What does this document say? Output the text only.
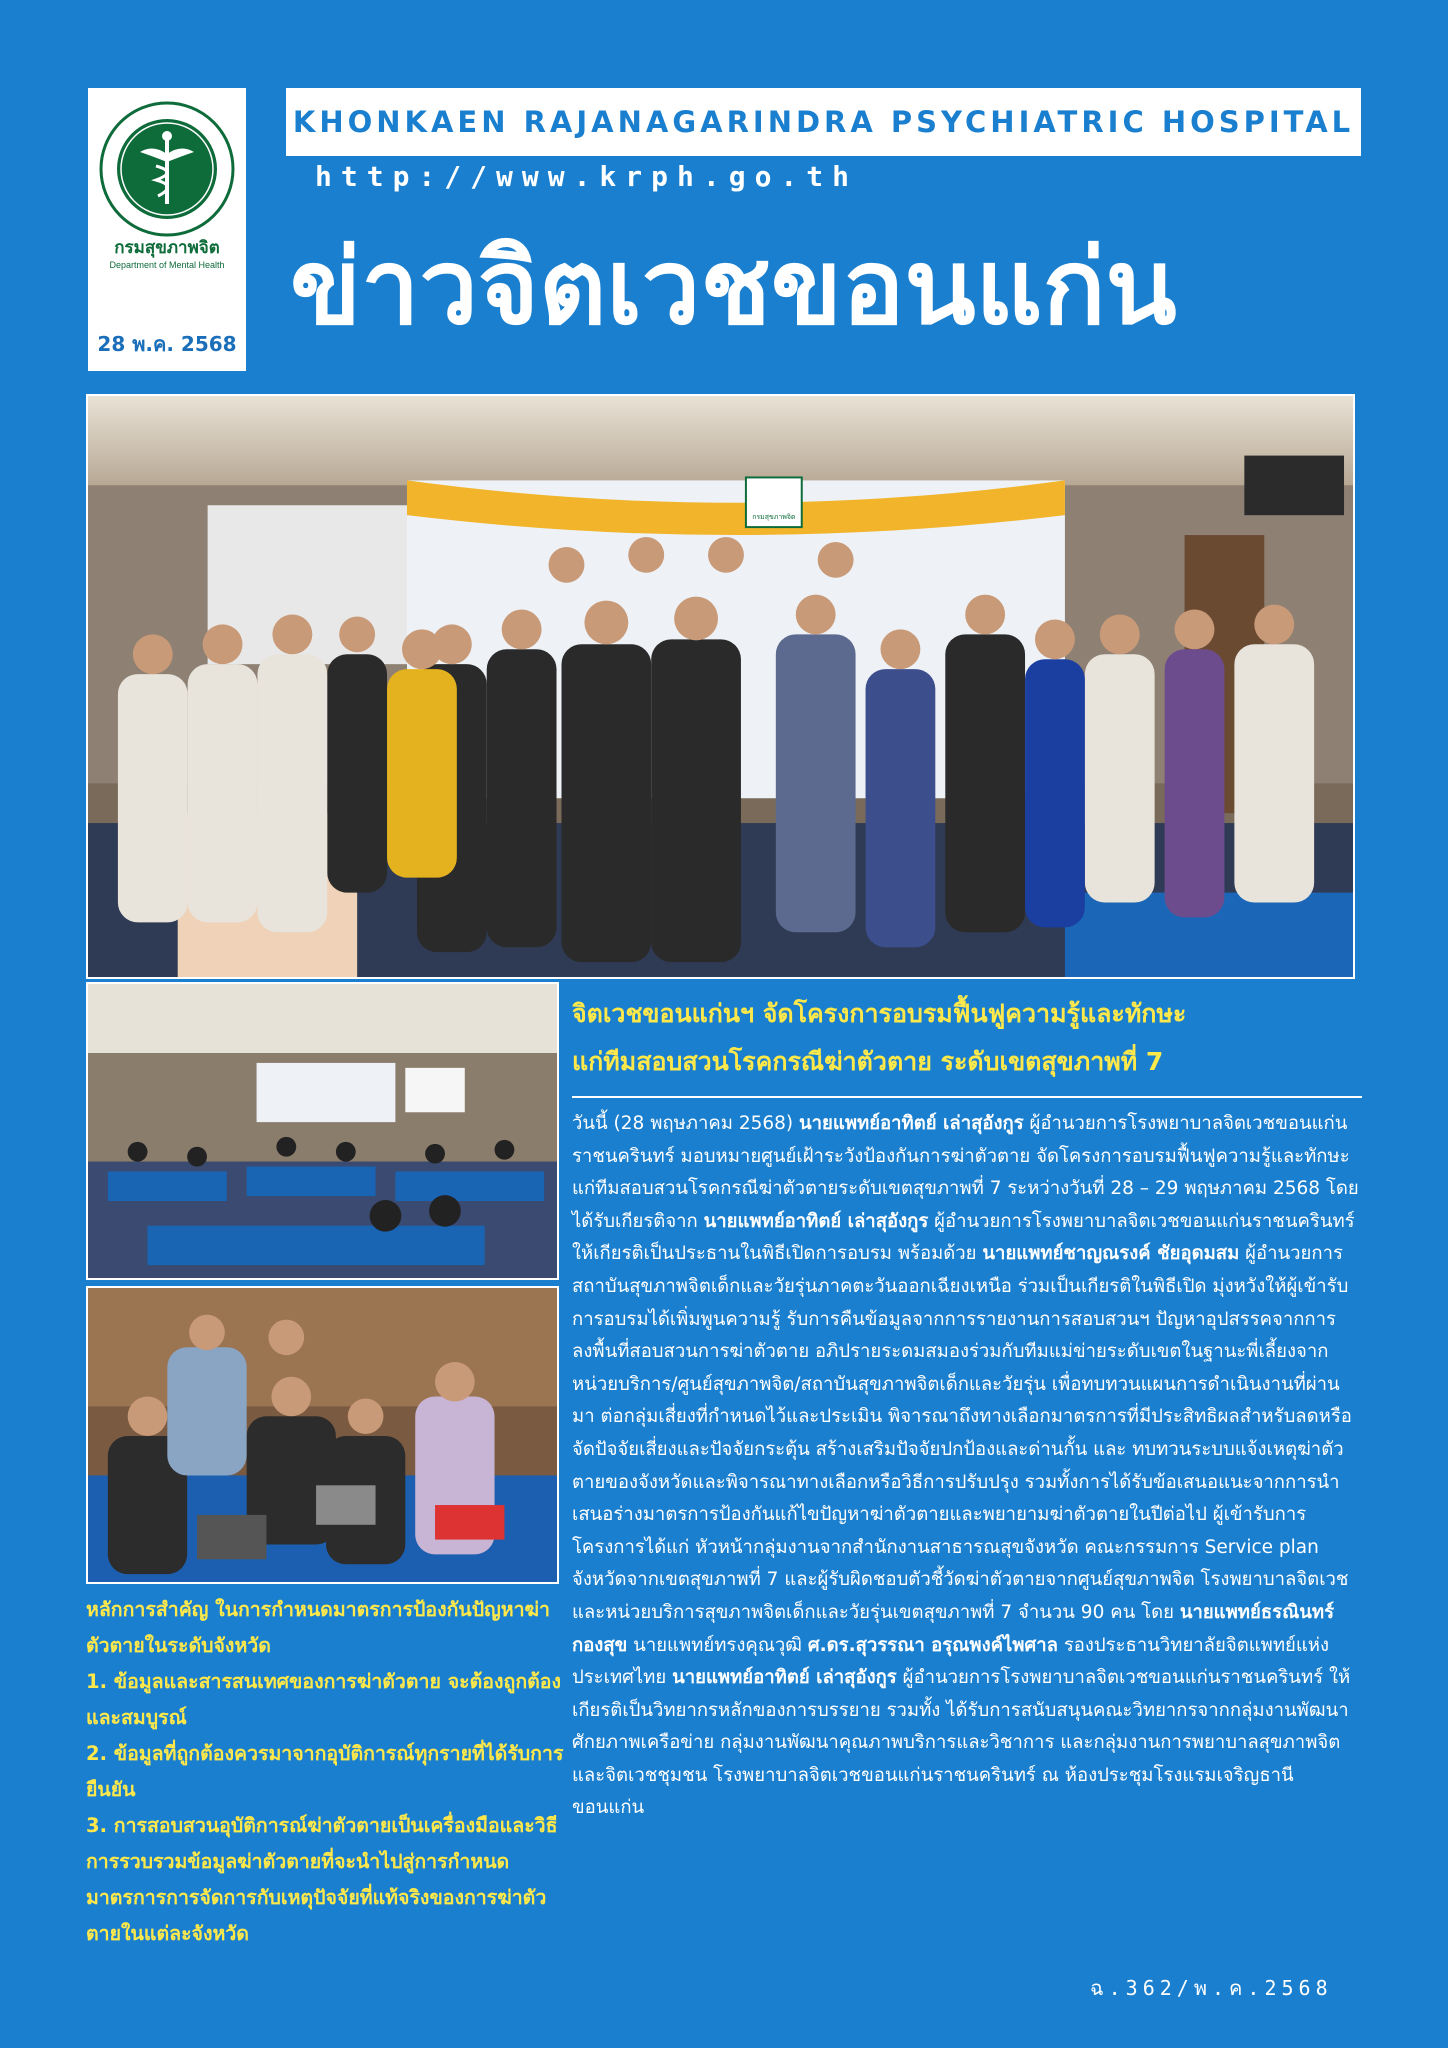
กรมสุขภาพจิต
Department of Mental Health
28 พ.ค. 2568
KHONKAEN RAJANAGARINDRA PSYCHIATRIC HOSPITAL
http://www.krph.go.th
ข่าวจิตเวชขอนแก่น
กรมสุขภาพจิต
จิตเวชขอนแก่นฯ จัดโครงการอบรมฟื้นฟูความรู้และทักษะ
แก่ทีมสอบสวนโรคกรณีฆ่าตัวตาย ระดับเขตสุขภาพที่ 7
วันนี้ (28 พฤษภาคม 2568) นายแพทย์อาทิตย์ เล่าสุอังกูร ผู้อำนวยการโรงพยาบาลจิตเวชขอนแก่นราชนครินทร์ มอบหมายศูนย์เฝ้าระวังป้องกันการฆ่าตัวตาย จัดโครงการอบรมฟื้นฟูความรู้และทักษะแก่ทีมสอบสวนโรคกรณีฆ่าตัวตายระดับเขตสุขภาพที่ 7 ระหว่างวันที่ 28 – 29 พฤษภาคม 2568 โดยได้รับเกียรติจาก นายแพทย์อาทิตย์ เล่าสุอังกูร ผู้อำนวยการโรงพยาบาลจิตเวชขอนแก่นราชนครินทร์ ให้เกียรติเป็นประธานในพิธีเปิดการอบรม พร้อมด้วย นายแพทย์ชาญณรงค์ ชัยอุดมสม ผู้อำนวยการสถาบันสุขภาพจิตเด็กและวัยรุ่นภาคตะวันออกเฉียงเหนือ ร่วมเป็นเกียรติในพิธีเปิด มุ่งหวังให้ผู้เข้ารับการอบรมได้เพิ่มพูนความรู้ รับการคืนข้อมูลจากการรายงานการสอบสวนฯ ปัญหาอุปสรรคจากการลงพื้นที่สอบสวนการฆ่าตัวตาย อภิปรายระดมสมองร่วมกับทีมแม่ข่ายระดับเขตในฐานะพี่เลี้ยงจากหน่วยบริการ/ศูนย์สุขภาพจิต/สถาบันสุขภาพจิตเด็กและวัยรุ่น เพื่อทบทวนแผนการดำเนินงานที่ผ่านมา ต่อกลุ่มเสี่ยงที่กำหนดไว้และประเมิน พิจารณาถึงทางเลือกมาตรการที่มีประสิทธิผลสำหรับลดหรือจัดปัจจัยเสี่ยงและปัจจัยกระตุ้น สร้างเสริมปัจจัยปกป้องและด่านกั้น และ ทบทวนระบบแจ้งเหตุฆ่าตัวตายของจังหวัดและพิจารณาทางเลือกหรือวิธีการปรับปรุง รวมทั้งการได้รับข้อเสนอแนะจากการนำเสนอร่างมาตรการป้องกันแก้ไขปัญหาฆ่าตัวตายและพยายามฆ่าตัวตายในปีต่อไป ผู้เข้ารับการโครงการได้แก่ หัวหน้ากลุ่มงานจากสำนักงานสาธารณสุขจังหวัด คณะกรรมการ Service plan จังหวัดจากเขตสุขภาพที่ 7 และผู้รับผิดชอบตัวชี้วัดฆ่าตัวตายจากศูนย์สุขภาพจิต โรงพยาบาลจิตเวชและหน่วยบริการสุขภาพจิตเด็กและวัยรุ่นเขตสุขภาพที่ 7 จำนวน 90 คน โดย นายแพทย์ธรณินทร์ กองสุข นายแพทย์ทรงคุณวุฒิ ศ.ดร.สุวรรณา อรุณพงค์ไพศาล รองประธานวิทยาลัยจิตแพทย์แห่งประเทศไทย นายแพทย์อาทิตย์ เล่าสุอังกูร ผู้อำนวยการโรงพยาบาลจิตเวชขอนแก่นราชนครินทร์ ให้เกียรติเป็นวิทยากรหลักของการบรรยาย รวมทั้ง ได้รับการสนับสนุนคณะวิทยากรจากกลุ่มงานพัฒนาศักยภาพเครือข่าย กลุ่มงานพัฒนาคุณภาพบริการและวิชาการ และกลุ่มงานการพยาบาลสุขภาพจิตและจิตเวชชุมชน โรงพยาบาลจิตเวชขอนแก่นราชนครินทร์ ณ ห้องประชุมโรงแรมเจริญธานีขอนแก่น

หลักการสำคัญ ในการกำหนดมาตรการป้องกันปัญหาฆ่าตัวตายในระดับจังหวัด

1. ข้อมูลและสารสนเทศของการฆ่าตัวตาย จะต้องถูกต้องและสมบูรณ์

2. ข้อมูลที่ถูกต้องควรมาจากอุบัติการณ์ทุกรายที่ได้รับการยืนยัน

3. การสอบสวนอุบัติการณ์ฆ่าตัวตายเป็นเครื่องมือและวิธีการรวบรวมข้อมูลฆ่าตัวตายที่จะนำไปสู่การกำหนดมาตรการการจัดการกับเหตุปัจจัยที่แท้จริงของการฆ่าตัวตายในแต่ละจังหวัด

ฉ.362/พ.ค.2568
